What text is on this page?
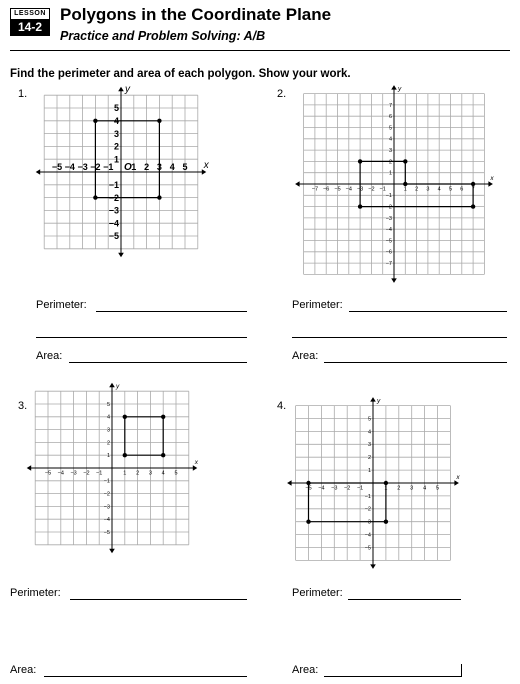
LESSON
14-2
Polygons in the Coordinate Plane
Practice and Problem Solving: A/B
Find the perimeter and area of each polygon. Show your work.
1.
x
y
−5
−5
−4
−4
−3
−3
−2
−2
−1
−1
1
1
2
2
3
3
4
4
5
5
O
Perimeter:
Area:
2.
x
y
−7
−7
−6
−6
−5
−5
−4
−4
−3
−3
−2
−2
−1
−1
1
1
2
2
3
3
4
4
5
5
6
6
7
7
Perimeter:
Area:
3.
x
y
−5
−5
−4
−4
−3
−3
−2
−2
−1
−1
1
1
2
2
3
3
4
4
5
5
Perimeter:
Area:
4.
x
y
−5
−5
−4
−4
−3
−3
−2
−2
−1
−1
1
1
2
2
3
3
4
4
5
5
Perimeter:
Area:
